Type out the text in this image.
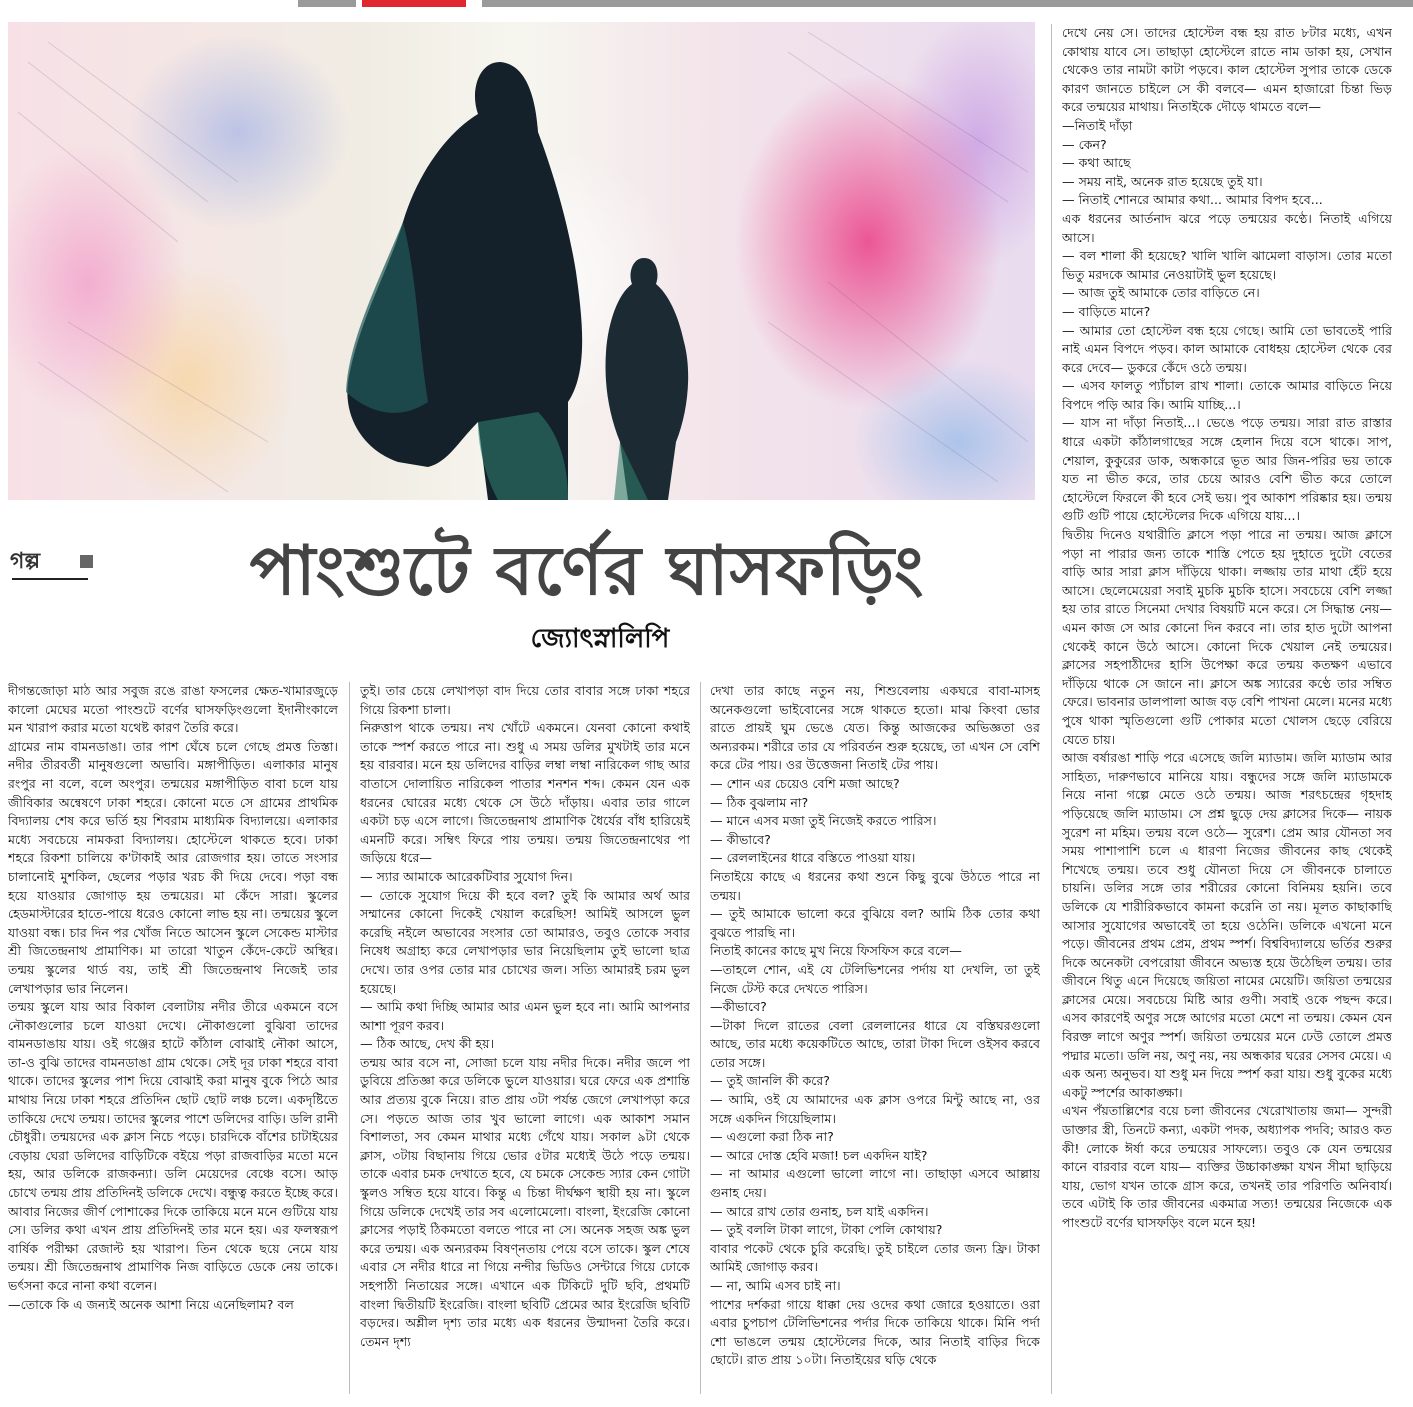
গল্প	পাংশুটে বর্ণের ঘাসফড়িং
জ্যোৎস্নালিপি

দীগন্তজোড়া মাঠ আর সবুজ রঙে রাঙা ফসলের ক্ষেত-খামারজুড়ে কালো মেঘের মতো পাংশুটে বর্ণের ঘাসফড়িংগুলো ইদানীংকালে মন খারাপ করার মতো যথেষ্ট কারণ তৈরি করে।

গ্রামের নাম বামনডাঙা। তার পাশ ঘেঁষে চলে গেছে প্রমত্ত তিস্তা। নদীর তীরবর্তী মানুষগুলো অভাবি। মঙ্গাপীড়িত। এলাকার মানুষ রংপুর না বলে, বলে অংপুর। তন্ময়ের মঙ্গাপীড়িত বাবা চলে যায় জীবিকার অন্বেষণে ঢাকা শহরে। কোনো মতে সে গ্রামের প্রাথমিক বিদ্যালয় শেষ করে ভর্তি হয় শিবরাম মাধ্যমিক বিদ্যালয়ে। এলাকার মধ্যে সবচেয়ে নামকরা বিদ্যালয়। হোস্টেলে থাকতে হবে। ঢাকা শহরে রিকশা চালিয়ে ক'টাকাই আর রোজগার হয়। তাতে সংসার চালানোই মুশকিল, ছেলের পড়ার খরচ কী দিয়ে দেবে। পড়া বন্ধ হয়ে যাওয়ার জোগাড় হয় তন্ময়ের। মা কেঁদে সারা। স্কুলের হেডমাস্টারের হাতে-পায়ে ধরেও কোনো লাভ হয় না। তন্ময়ের স্কুলে যাওয়া বন্ধ। চার দিন পর খোঁজ নিতে আসেন স্কুলে সেকেন্ড মাস্টার শ্রী জিতেন্দ্রনাথ প্রামাণিক। মা তারো খাতুন কেঁদে-কেটে অস্থির। তন্ময় স্কুলের থার্ড বয়, তাই শ্রী জিতেন্দ্রনাথ নিজেই তার লেখাপড়ার ভার নিলেন।

তন্ময় স্কুলে যায় আর বিকাল বেলাটায় নদীর তীরে একমনে বসে নৌকাগুলোর চলে যাওয়া দেখে। নৌকাগুলো বুঝিবা তাদের বামনডাঙায় যায়। ওই গঞ্জের হাটে কাঁঠাল বোঝাই নৌকা আসে, তা-ও বুঝি তাদের বামনডাঙা গ্রাম থেকে। সেই দূর ঢাকা শহরে বাবা থাকে। তাদের স্কুলের পাশ দিয়ে বোঝাই করা মানুষ বুকে পিঠে আর মাথায় নিয়ে ঢাকা শহরে প্রতিদিন ছোট ছোট লঞ্চ চলে। একদৃষ্টিতে তাকিয়ে দেখে তন্ময়। তাদের স্কুলের পাশে ডলিদের বাড়ি। ডলি রানী চৌধুরী। তন্ময়দের এক ক্লাস নিচে পড়ে। চারদিকে বাঁশের চাটাইয়ের বেড়ায় ঘেরা ডলিদের বাড়িটিকে বইয়ে পড়া রাজবাড়ির মতো মনে হয়, আর ডলিকে রাজকন্যা। ডলি মেয়েদের বেঞ্চে বসে। আড় চোখে তন্ময় প্রায় প্রতিদিনই ডলিকে দেখে। বন্ধুত্ব করতে ইচ্ছে করে। আবার নিজের জীর্ণ পোশাকের দিকে তাকিয়ে মনে মনে গুটিয়ে যায় সে। ডলির কথা এখন প্রায় প্রতিদিনই তার মনে হয়। এর ফলস্বরূপ বার্ষিক পরীক্ষা রেজাল্ট হয় খারাপ। তিন থেকে ছয়ে নেমে যায় তন্ময়। শ্রী জিতেন্দ্রনাথ প্রামাণিক নিজ বাড়িতে ডেকে নেয় তাকে। ভর্ৎসনা করে নানা কথা বলেন।

—তোকে কি এ জন্যই অনেক আশা নিয়ে এনেছিলাম? বল

তুই। তার চেয়ে লেখাপড়া বাদ দিয়ে তোর বাবার সঙ্গে ঢাকা শহরে গিয়ে রিকশা চালা।

নিরুত্তাপ থাকে তন্ময়। নখ খোঁটে একমনে। যেনবা কোনো কথাই তাকে স্পর্শ করতে পারে না। শুধু এ সময় ডলির মুখটাই তার মনে হয় বারবার। মনে হয় ডলিদের বাড়ির লম্বা লম্বা নারিকেল গাছ আর বাতাসে দোলায়িত নারিকেল পাতার শনশন শব্দ। কেমন যেন এক ধরনের ঘোরের মধ্যে থেকে সে উঠে দাঁড়ায়। এবার তার গালে একটা চড় এসে লাগে। জিতেন্দ্রনাথ প্রামাণিক ধৈর্যের বাঁধ হারিয়েই এমনটি করে। সম্বিৎ ফিরে পায় তন্ময়। তন্ময় জিতেন্দ্রনাথের পা জড়িয়ে ধরে—

— স্যার আমাকে আরেকটিবার সুযোগ দিন।

— তোকে সুযোগ দিয়ে কী হবে বল? তুই কি আমার অর্থ আর সম্মানের কোনো দিকেই খেয়াল করেছিস! আমিই আসলে ভুল করেছি নইলে অভাবের সংসার তো আমারও, তবুও তোকে সবার নিষেধ অগ্রাহ্য করে লেখাপড়ার ভার নিয়েছিলাম তুই ভালো ছাত্র দেখে। তার ওপর তোর মার চোখের জল। সত্যি আমারই চরম ভুল হয়েছে।

— আমি কথা দিচ্ছি আমার আর এমন ভুল হবে না। আমি আপনার আশা পূরণ করব।

— ঠিক আছে, দেখ কী হয়।

তন্ময় আর বসে না, সোজা চলে যায় নদীর দিকে। নদীর জলে পা ডুবিয়ে প্রতিজ্ঞা করে ডলিকে ভুলে যাওয়ার। ঘরে ফেরে এক প্রশান্তি আর প্রত্যয় বুকে নিয়ে। রাত প্রায় ৩টা পর্যন্ত জেগে লেখাপড়া করে সে। পড়তে আজ তার খুব ভালো লাগে। এক আকাশ সমান বিশালতা, সব কেমন মাথার মধ্যে গেঁথে যায়। সকাল ৯টা থেকে ক্লাস, ৩টায় বিছানায় গিয়ে ভোর ৫টার মধ্যেই উঠে পড়ে তন্ময়। তাকে এবার চমক দেখাতে হবে, যে চমকে সেকেন্ড স্যার কেন গোটা স্কুলও সম্বিত হয়ে যাবে। কিন্তু এ চিন্তা দীর্ঘক্ষণ স্থায়ী হয় না। স্কুলে গিয়ে ডলিকে দেখেই তার সব এলোমেলো। বাংলা, ইংরেজি কোনো ক্লাসের পড়াই ঠিকমতো বলতে পারে না সে। অনেক সহজ অঙ্ক ভুল করে তন্ময়। এক অন্যরকম বিষণ্নতায় পেয়ে বসে তাকে। স্কুল শেষে এবার সে নদীর ধারে না গিয়ে নন্দীর ভিডিও সেন্টারে গিয়ে ঢোকে সহপাঠী নিতায়ের সঙ্গে। এখানে এক টিকিটে দুটি ছবি, প্রথমটি বাংলা দ্বিতীয়টি ইংরেজি। বাংলা ছবিটি প্রেমের আর ইংরেজি ছবিটি বড়দের। অশ্লীল দৃশ্য তার মধ্যে এক ধরনের উন্মাদনা তৈরি করে। তেমন দৃশ্য

দেখা তার কাছে নতুন নয়, শিশুবেলায় একঘরে বাবা-মাসহ অনেকগুলো ভাইবোনের সঙ্গে থাকতে হতো। মাঝ কিংবা ভোর রাতে প্রায়ই ঘুম ভেঙে যেত। কিন্তু আজকের অভিজ্ঞতা ওর অন্যরকম। শরীরে তার যে পরিবর্তন শুরু হয়েছে, তা এখন সে বেশি করে টের পায়। ওর উত্তেজনা নিতাই টের পায়।

— শোন এর চেয়েও বেশি মজা আছে?

— ঠিক বুঝলাম না?

— মানে এসব মজা তুই নিজেই করতে পারিস।

— কীভাবে?

— রেললাইনের ধারে বস্তিতে পাওয়া যায়।

নিতাইয়ে কাছে এ ধরনের কথা শুনে কিছু বুঝে উঠতে পারে না তন্ময়।

— তুই আমাকে ভালো করে বুঝিয়ে বল? আমি ঠিক তোর কথা বুঝতে পারছি না।

নিতাই কানের কাছে মুখ নিয়ে ফিসফিস করে বলে—

—তাহলে শোন, এই যে টেলিভিশনের পর্দায় যা দেখলি, তা তুই নিজে টেস্ট করে দেখতে পারিস।

—কীভাবে?

—টাকা দিলে রাতের বেলা রেললানের ধারে যে বস্তিঘরগুলো আছে, তার মধ্যে কয়েকটিতে আছে, তারা টাকা দিলে ওইসব করবে তোর সঙ্গে।

— তুই জানলি কী করে?

— আমি, ওই যে আমাদের এক ক্লাস ওপরে মিন্টু আছে না, ওর সঙ্গে একদিন গিয়েছিলাম।

— এগুলো করা ঠিক না?

— আরে দোস্ত হেবি মজা! চল একদিন যাই?

— না আমার এগুলো ভালো লাগে না। তাছাড়া এসবে আল্লায় গুনাহ দেয়।

— আরে রাখ তোর গুনাহ, চল যাই একদিন।

— তুই বললি টাকা লাগে, টাকা পেলি কোথায়?

বাবার পকেট থেকে চুরি করেছি। তুই চাইলে তোর জন্য ফ্রি। টাকা আমিই জোগাড় করব।

— না, আমি এসব চাই না।

পাশের দর্শকরা গায়ে ধাক্কা দেয় ওদের কথা জোরে হওয়াতে। ওরা এবার চুপচাপ টেলিভিশনের পর্দার দিকে তাকিয়ে থাকে। মিনি পর্দা শো ভাঙলে তন্ময় হোস্টেলের দিকে, আর নিতাই বাড়ির দিকে ছোটে। রাত প্রায় ১০টা। নিতাইয়ের ঘড়ি থেকে

দেখে নেয় সে। তাদের হোস্টেল বন্ধ হয় রাত ৮টার মধ্যে, এখন কোথায় যাবে সে। তাছাড়া হোস্টেলে রাতে নাম ডাকা হয়, সেখান থেকেও তার নামটা কাটা পড়বে। কাল হোস্টেল সুপার তাকে ডেকে কারণ জানতে চাইলে সে কী বলবে— এমন হাজারো চিন্তা ভিড় করে তন্ময়ের মাথায়। নিতাইকে দৌড়ে থামতে বলে—

—নিতাই দাঁড়া

— কেন?

— কথা আছে

— সময় নাই, অনেক রাত হয়েছে তুই যা।

— নিতাই শোনরে আমার কথা... আমার বিপদ হবে...

এক ধরনের আর্তনাদ ঝরে পড়ে তন্ময়ের কণ্ঠে। নিতাই এগিয়ে আসে।

— বল শালা কী হয়েছে? খালি খালি ঝামেলা বাড়াস। তোর মতো ভিতু মরদকে আমার নেওয়াটাই ভুল হয়েছে।

— আজ তুই আমাকে তোর বাড়িতে নে।

— বাড়িতে মানে?

— আমার তো হোস্টেল বন্ধ হয়ে গেছে। আমি তো ভাবতেই পারি নাই এমন বিপদে পড়ব। কাল আমাকে বোধহয় হোস্টেল থেকে বের করে দেবে— ডুকরে কেঁদে ওঠে তন্ময়।

— এসব ফালতু প্যাঁচাল রাখ শালা। তোকে আমার বাড়িতে নিয়ে বিপদে পড়ি আর কি। আমি যাচ্ছি...।

— যাস না দাঁড়া নিতাই...। ভেঙে পড়ে তন্ময়। সারা রাত রাস্তার ধারে একটা কাঁঠালগাছের সঙ্গে হেলান দিয়ে বসে থাকে। সাপ, শেয়াল, কুকুরের ডাক, অন্ধকারে ভূত আর জিন-পরির ভয় তাকে যত না ভীত করে, তার চেয়ে আরও বেশি ভীত করে তোলে হোস্টেলে ফিরলে কী হবে সেই ভয়। পুব আকাশ পরিষ্কার হয়। তন্ময় গুটি গুটি পায়ে হোস্টেলের দিকে এগিয়ে যায়...।

দ্বিতীয় দিনেও যথারীতি ক্লাসে পড়া পারে না তন্ময়। আজ ক্লাসে পড়া না পারার জন্য তাকে শাস্তি পেতে হয় দুহাতে দুটো বেতের বাড়ি আর সারা ক্লাস দাঁড়িয়ে থাকা। লজ্জায় তার মাথা হেঁট হয়ে আসে। ছেলেমেয়েরা সবাই মুচকি মুচকি হাসে। সবচেয়ে বেশি লজ্জা হয় তার রাতে সিনেমা দেখার বিষয়টি মনে করে। সে সিদ্ধান্ত নেয়— এমন কাজ সে আর কোনো দিন করবে না। তার হাত দুটো আপনা থেকেই কানে উঠে আসে। কোনো দিকে খেয়াল নেই তন্ময়ের। ক্লাসের সহপাঠীদের হাসি উপেক্ষা করে তন্ময় কতক্ষণ এভাবে দাঁড়িয়ে থাকে সে জানে না। ক্লাসে অঙ্ক স্যারের কণ্ঠে তার সম্বিত ফেরে। ভাবনার ডালপালা আজ বড় বেশি পাখনা মেলে। মনের মধ্যে পুষে থাকা স্মৃতিগুলো গুটি পোকার মতো খোলস ছেড়ে বেরিয়ে যেতে চায়।

আজ বর্ষারঙা শাড়ি পরে এসেছে জলি ম্যাডাম। জলি ম্যাডাম আর সাহিত্য, দারুণভাবে মানিয়ে যায়। বন্ধুদের সঙ্গে জলি ম্যাডামকে নিয়ে নানা গল্পে মেতে ওঠে তন্ময়। আজ শরৎচন্দ্রের গৃহদাহ পড়িয়েছে জলি ম্যাডাম। সে প্রশ্ন ছুড়ে দেয় ক্লাসের দিকে— নায়ক সুরেশ না মহিম। তন্ময় বলে ওঠে— সুরেশ। প্রেম আর যৌনতা সব সময় পাশাপাশি চলে এ ধারণা নিজের জীবনের কাছ থেকেই শিখেছে তন্ময়। তবে শুধু যৌনতা দিয়ে সে জীবনকে চালাতে চায়নি। ডলির সঙ্গে তার শরীরের কোনো বিনিময় হয়নি। তবে ডলিকে যে শারীরিকভাবে কামনা করেনি তা নয়। মূলত কাছাকাছি আসার সুযোগের অভাবেই তা হয়ে ওঠেনি। ডলিকে এখনো মনে পড়ে। জীবনের প্রথম প্রেম, প্রথম স্পর্শ। বিশ্ববিদ্যালয়ে ভর্তির শুরুর দিকে অনেকটা বেপরোয়া জীবনে অভ্যস্ত হয়ে উঠেছিল তন্ময়। তার জীবনে থিতু এনে দিয়েছে জয়িতা নামের মেয়েটি। জয়িতা তন্ময়ের ক্লাসের মেয়ে। সবচেয়ে মিষ্টি আর গুণী। সবাই ওকে পছন্দ করে। এসব কারণেই অণুর সঙ্গে আগের মতো মেশে না তন্ময়। কেমন যেন বিরক্ত লাগে অণুর স্পর্শ। জয়িতা তন্ময়ের মনে ঢেউ তোলে প্রমত্ত পদ্মার মতো। ডলি নয়, অণু নয়, নয় অন্ধকার ঘরের সেসব মেয়ে। এ এক অন্য অনুভব। যা শুধু মন দিয়ে স্পর্শ করা যায়। শুধু বুকের মধ্যে একটু স্পর্শের আকাঙ্ক্ষা।

এখন পঁয়তাল্লিশের বয়ে চলা জীবনের খেরোখাতায় জমা— সুন্দরী ডাক্তার স্ত্রী, তিনটে কন্যা, একটা পদক, অধ্যাপক পদবি; আরও কত কী! লোকে ঈর্ষা করে তন্ময়ের সাফল্যে। তবুও কে যেন তন্ময়ের কানে বারবার বলে যায়— ব্যক্তির উচ্চাকাঙ্ক্ষা যখন সীমা ছাড়িয়ে যায়, ভোগ যখন তাকে গ্রাস করে, তখনই তার পরিণতি অনিবার্য। তবে এটাই কি তার জীবনের একমাত্র সত্য! তন্ময়ের নিজেকে এক পাংশুটে বর্ণের ঘাসফড়িং বলে মনে হয়!
